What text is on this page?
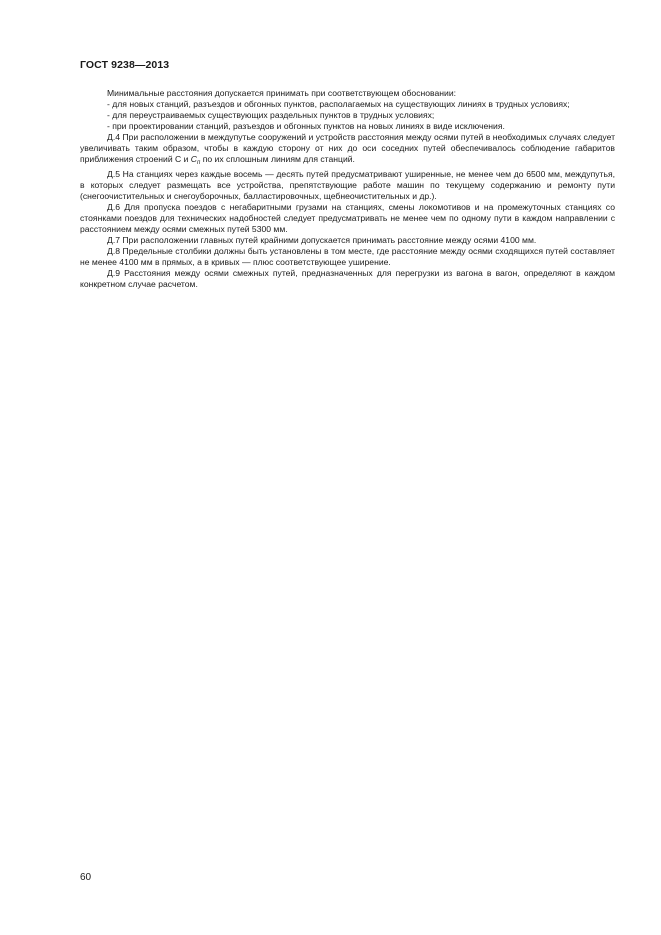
ГОСТ 9238—2013

Минимальные расстояния допускается принимать при соответствующем обосновании:

- для новых станций, разъездов и обгонных пунктов, располагаемых на существующих линиях в трудных условиях;

- для переустраиваемых существующих раздельных пунктов в трудных условиях;

- при проектировании станций, разъездов и обгонных пунктов на новых линиях в виде исключения.

Д.4 При расположении в междупутье сооружений и устройств расстояния между осями путей в необходимых случаях следует увеличивать таким образом, чтобы в каждую сторону от них до оси соседних путей обеспечивалось соблюдение габаритов приближения строений С и $C_п$ по их сплошным линиям для станций.

Д.5 На станциях через каждые восемь — десять путей предусматривают уширенные, не менее чем до 6500 мм, междупутья, в которых следует размещать все устройства, препятствующие работе машин по текущему содержанию и ремонту пути (снегоочистительных и снегоуборочных, балластировочных, щебнеочистительных и др.).

Д.6 Для пропуска поездов с негабаритными грузами на станциях, смены локомотивов и на промежуточных станциях со стоянками поездов для технических надобностей следует предусматривать не менее чем по одному пути в каждом направлении с расстоянием между осями смежных путей 5300 мм.

Д.7 При расположении главных путей крайними допускается принимать расстояние между осями 4100 мм.

Д.8 Предельные столбики должны быть установлены в том месте, где расстояние между осями сходящихся путей составляет не менее 4100 мм в прямых, а в кривых — плюс соответствующее уширение.

Д.9 Расстояния между осями смежных путей, предназначенных для перегрузки из вагона в вагон, определяют в каждом конкретном случае расчетом.

60
